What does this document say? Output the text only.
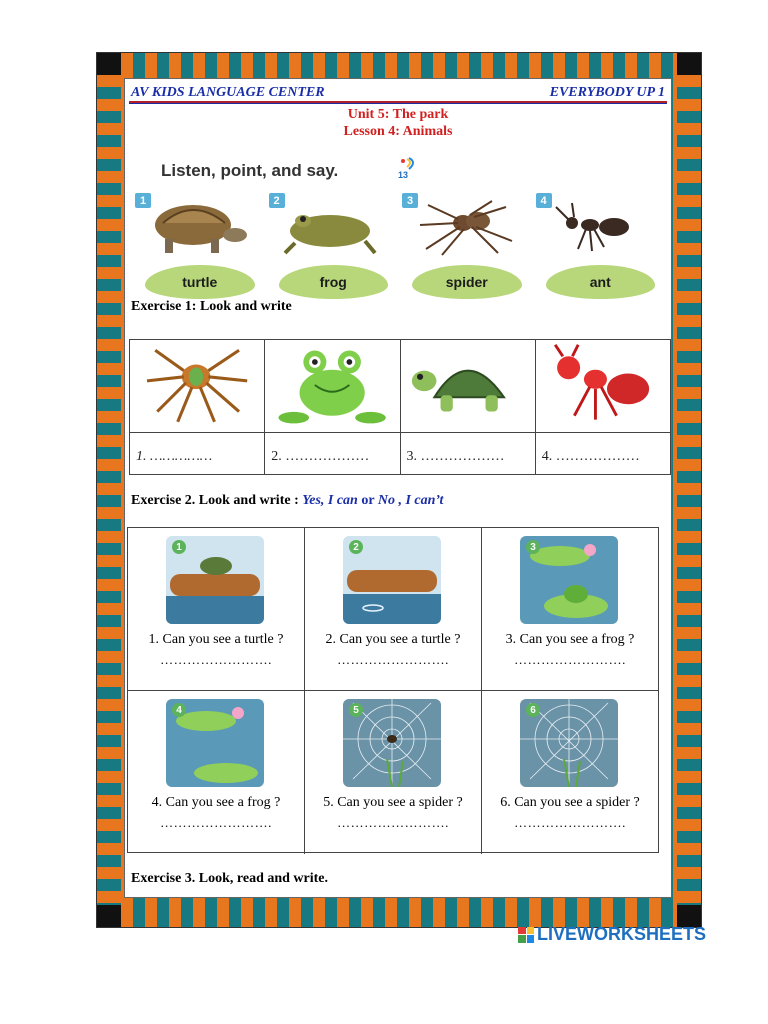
AV KIDS LANGUAGE CENTER	EVERYBODY UP 1
Unit 5: The park
Lesson 4: Animals
Listen, point, and say.	13
1
turtle
2
frog
3
spider
4
ant
Exercise 1: Look and write
1. ……………	2. ………………	3. ………………	4. ………………
Exercise 2. Look and write : Yes, I can or No , I can’t
1
1. Can you see a turtle ?
…………………….
2
2. Can you see a turtle ?
…………………….
3
3. Can you see a frog ?
…………………….
4
4. Can you see a frog ?
…………………….
5
5. Can you see a spider ?
…………………….
6
6. Can you see a spider ?
…………………….
Exercise 3. Look, read and write.
LIVEWORKSHEETS
